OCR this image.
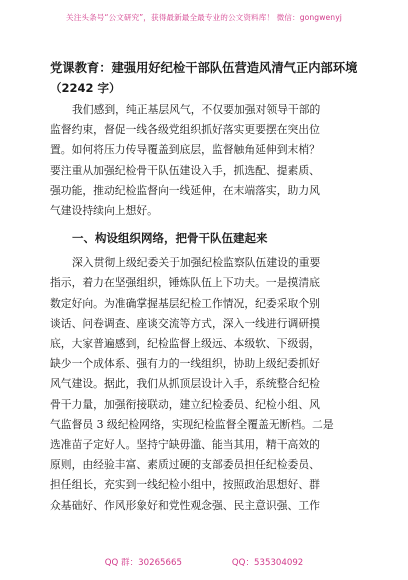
关注头条号“公文研究”，获得最新最全最专业的公文资料库！ 微信：gongwenyj
党课教育：建强用好纪检干部队伍营造风清气正内部环境
（2242 字）
我们感到，纯正基层风气，不仅要加强对领导干部的
监督约束，督促一线各级党组织抓好落实更要摆在突出位
置。如何将压力传导覆盖到底层，监督触角延伸到末梢？
要注重从加强纪检骨干队伍建设入手，抓选配、提素质、
强功能，推动纪检监督向一线延伸，在末端落实，助力风
气建设持续向上想好。
一、构设组织网络，把骨干队伍建起来
深入贯彻上级纪委关于加强纪检监察队伍建设的重要
指示，着力在坚强组织，锤炼队伍上下功夫。一是摸清底
数定好向。为准确掌握基层纪检工作情况，纪委采取个别
谈话、问卷调查、座谈交流等方式，深入一线进行调研摸
底，大家普遍感到，纪检监督上级远、本级软、下级弱，
缺少一个成体系、强有力的一线组织，协助上级纪委抓好
风气建设。据此，我们从抓顶层设计入手，系统整合纪检
骨干力量，加强衔接联动，建立纪检委员、纪检小组、风
气监督员 3 级纪检网络，实现纪检监督全覆盖无断档。二是
选准苗子定好人。坚持宁缺毋滥、能当其用，精干高效的
原则，由经验丰富、素质过硬的支部委员担任纪检委员、
担任组长，充实到一线纪检小组中，按照政治思想好、群
众基础好、作风形象好和党性观念强、民主意识强、工作
QQ 群：30265665	QQ：535304092
